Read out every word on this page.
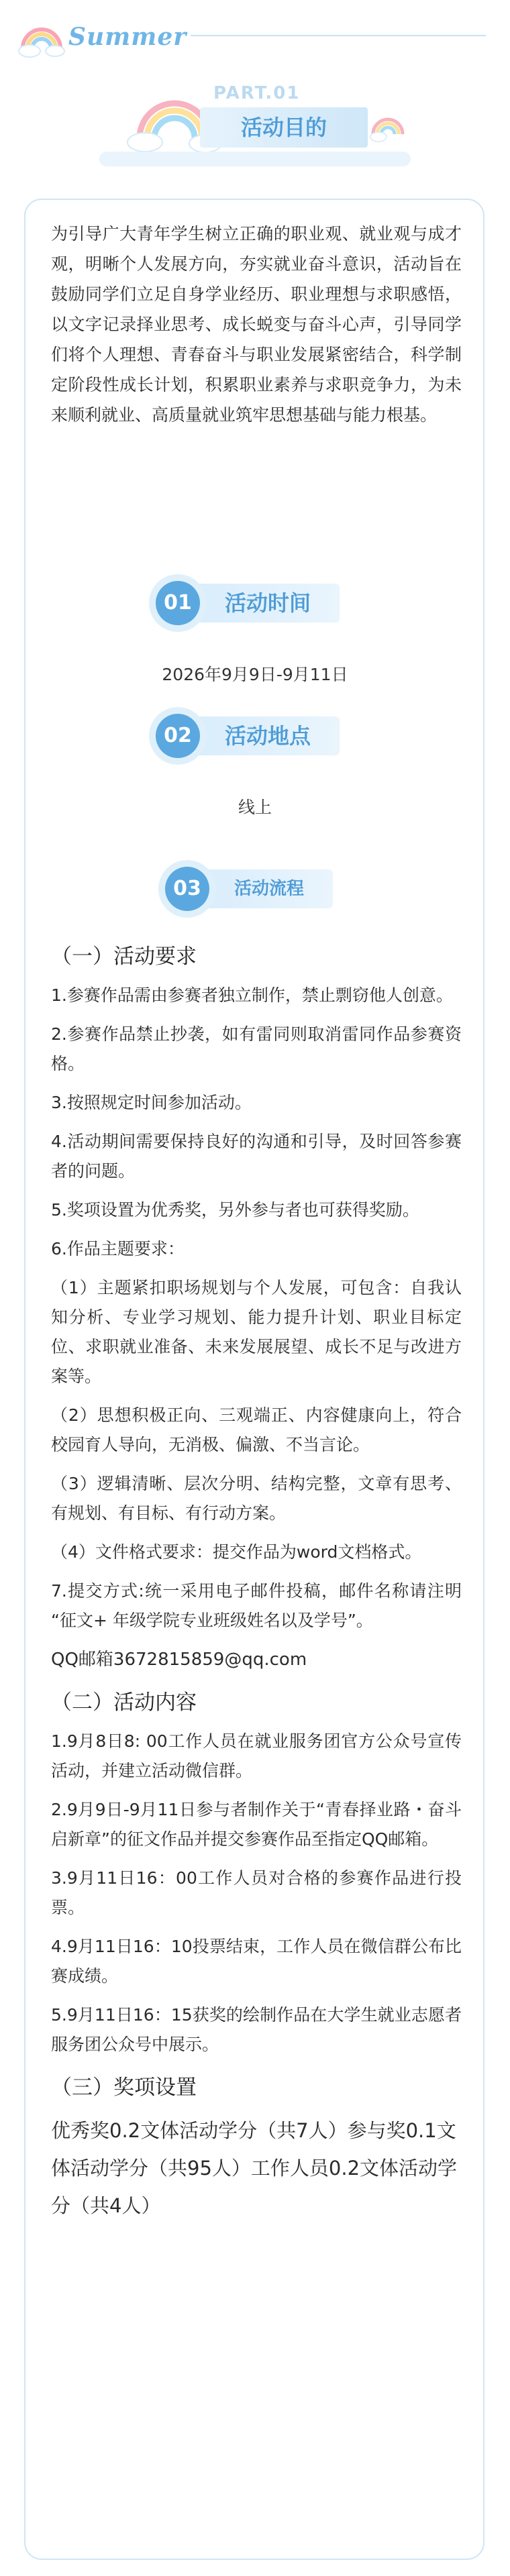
Summer
PART.01
活动目的

为引导广大青年学生树立正确的职业观、就业观与成才观，明晰个人发展方向，夯实就业奋斗意识，活动旨在鼓励同学们立足自身学业经历、职业理想与求职感悟，以文字记录择业思考、成长蜕变与奋斗心声，引导同学们将个人理想、青春奋斗与职业发展紧密结合，科学制定阶段性成长计划，积累职业素养与求职竞争力，为未来顺利就业、高质量就业筑牢思想基础与能力根基。

活动时间
01
2026年9月9日-9月11日
活动地点
02
线上
活动流程
03

（一）活动要求

1.参赛作品需由参赛者独立制作，禁止剽窃他人创意。

2.参赛作品禁止抄袭，如有雷同则取消雷同作品参赛资格。

3.按照规定时间参加活动。

4.活动期间需要保持良好的沟通和引导，及时回答参赛者的问题。

5.奖项设置为优秀奖，另外参与者也可获得奖励。

6.作品主题要求：

（1）主题紧扣职场规划与个人发展，可包含：自我认知分析、专业学习规划、能力提升计划、职业目标定位、求职就业准备、未来发展展望、成长不足与改进方案等。

（2）思想积极正向、三观端正、内容健康向上，符合校园育人导向，无消极、偏激、不当言论。

（3）逻辑清晰、层次分明、结构完整，文章有思考、有规划、有目标、有行动方案。

（4）文件格式要求：提交作品为word文档格式。

7.提交方式:统一采用电子邮件投稿，邮件名称请注明 “征文+ 年级学院专业班级姓名以及学号”。

QQ邮箱3672815859@qq.com

（二）活动内容

1.9月8日8: 00工作人员在就业服务团官方公众号宣传活动，并建立活动微信群。

2.9月9日-9月11日参与者制作关于“青春择业路・奋斗启新章”的征文作品并提交参赛作品至指定QQ邮箱。

3.9月11日16：00工作人员对合格的参赛作品进行投票。

4.9月11日16：10投票结束，工作人员在微信群公布比赛成绩。

5.9月11日16：15获奖的绘制作品在大学生就业志愿者服务团公众号中展示。

（三）奖项设置

优秀奖0.2文体活动学分（共7人）参与奖0.1文体活动学分（共95人）工作人员0.2文体活动学分（共4人）
